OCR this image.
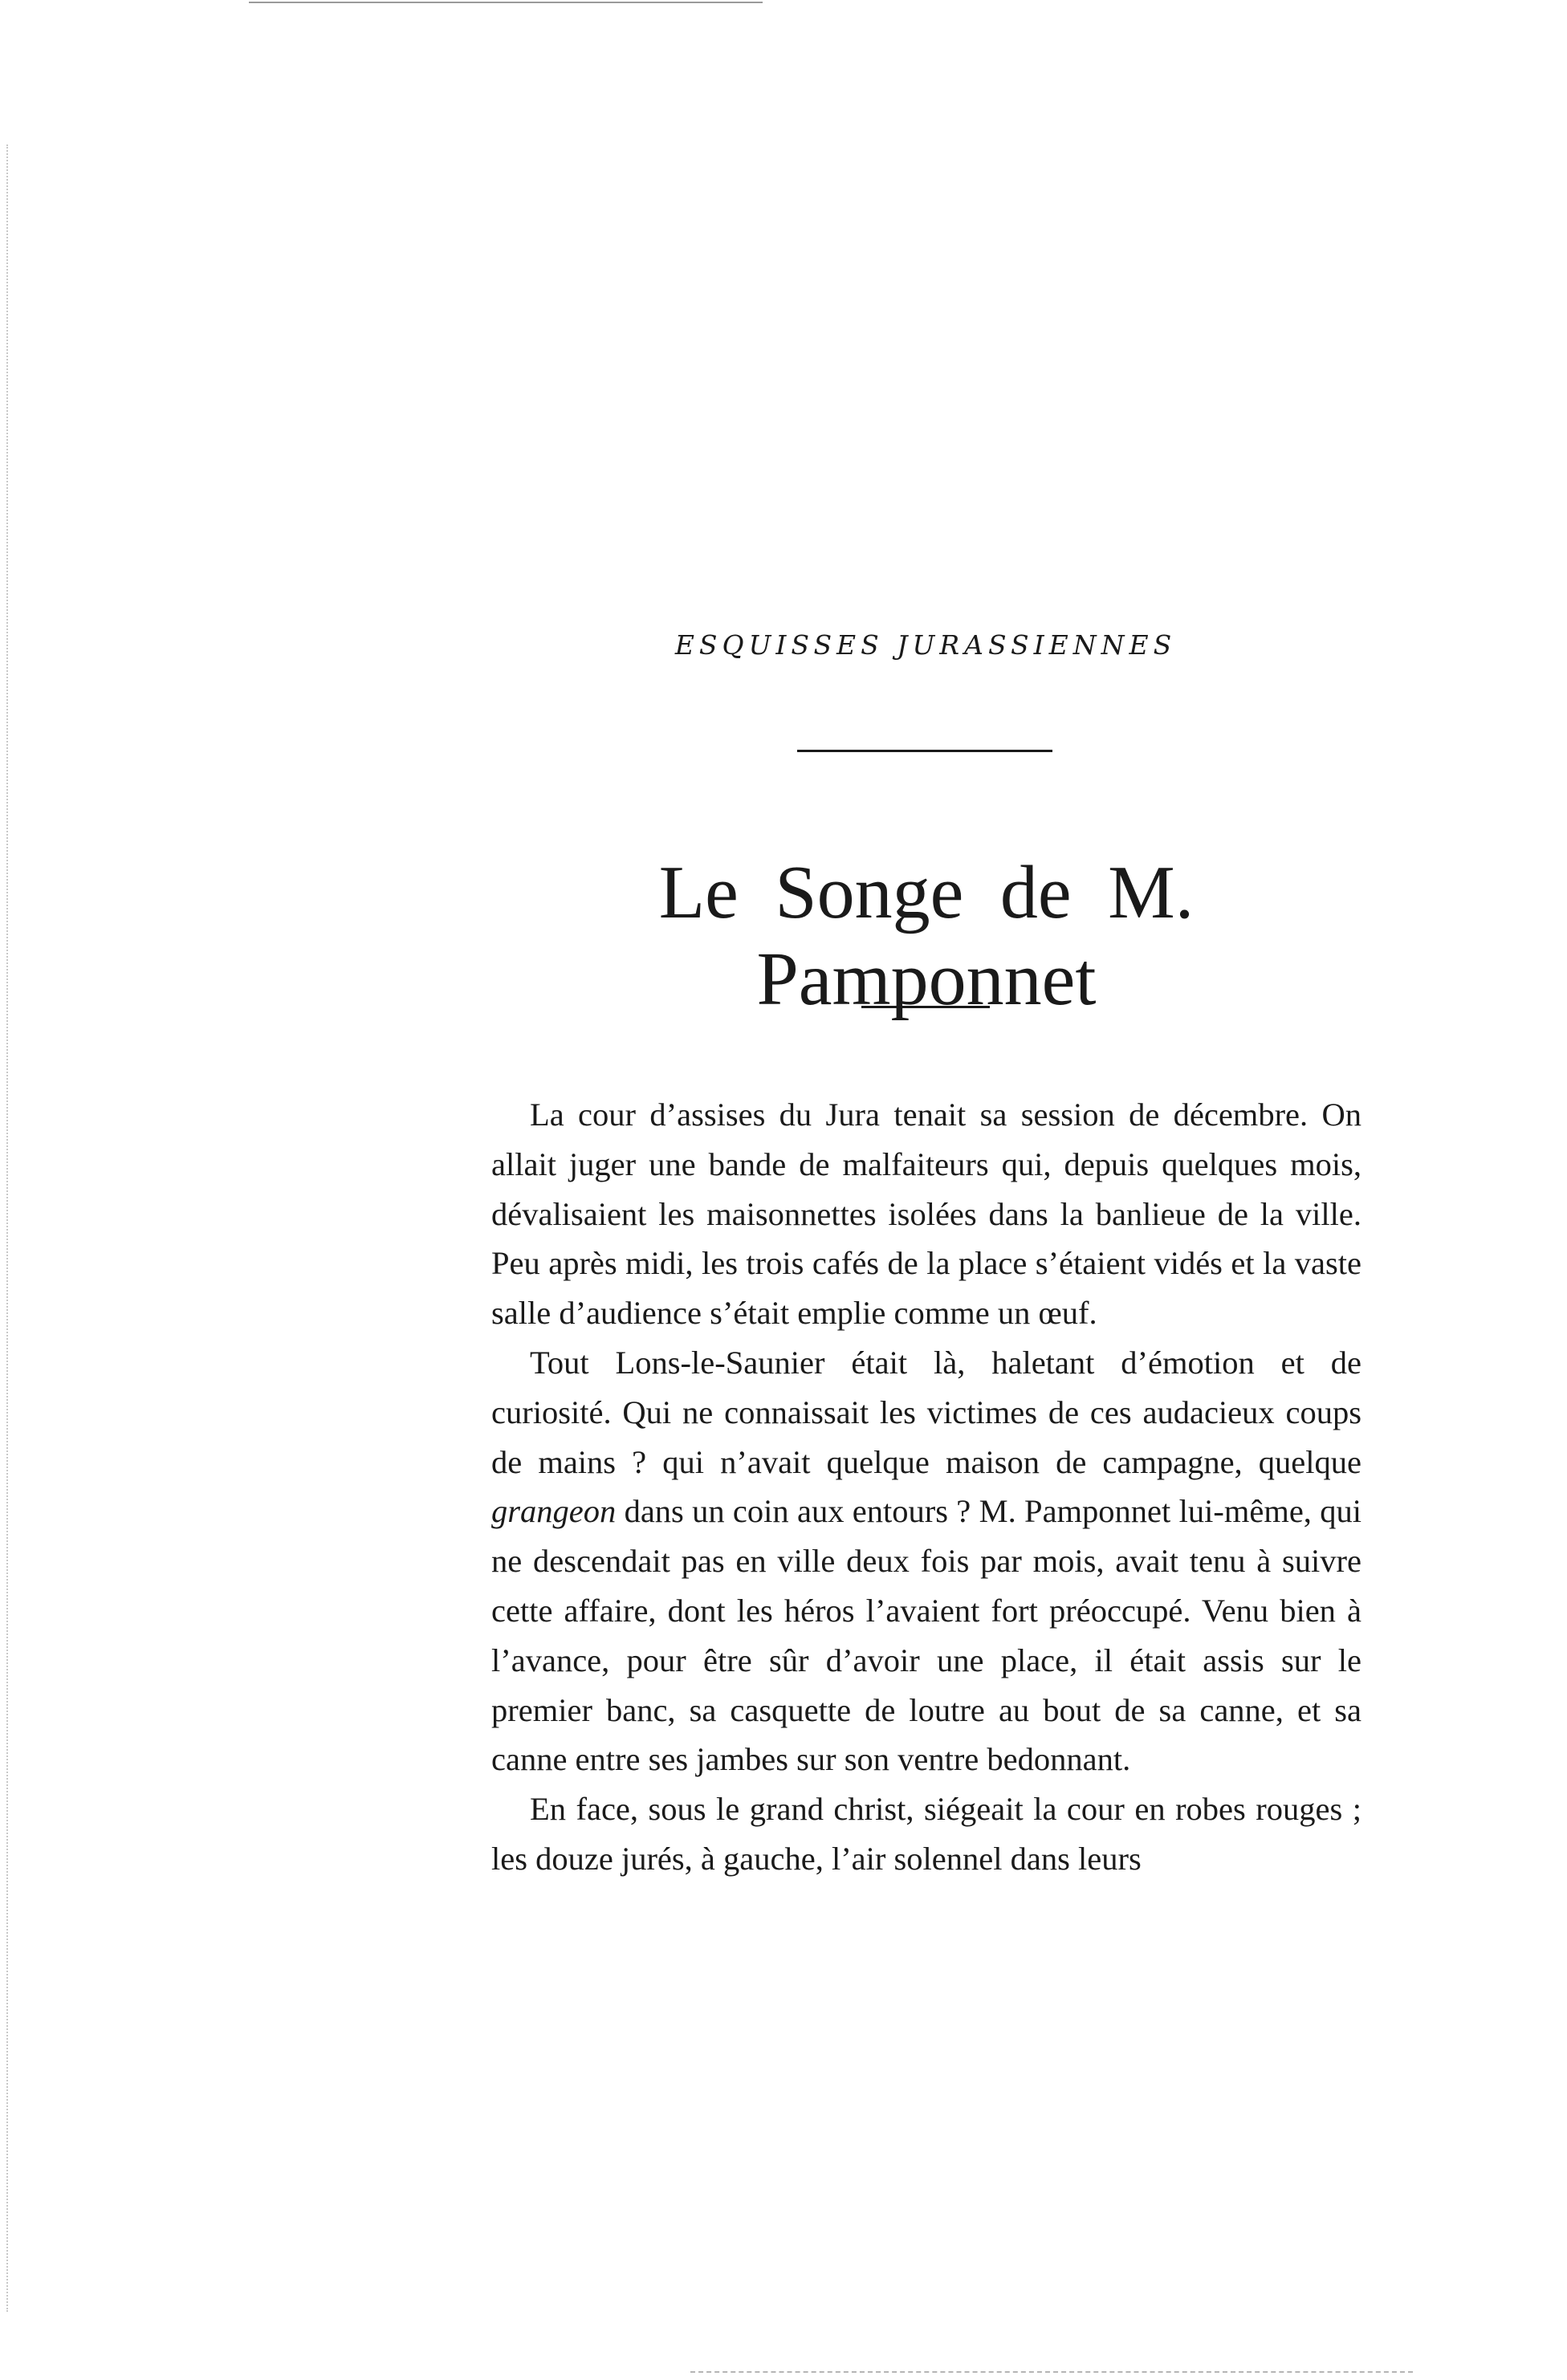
ESQUISSES JURASSIENNES
Le Songe de M. Pamponnet

La cour d’assises du Jura tenait sa session de décembre. On allait juger une bande de malfaiteurs qui, depuis quelques mois, dévalisaient les maisonnettes isolées dans la banlieue de la ville. Peu après midi, les trois cafés de la place s’étaient vidés et la vaste salle d’audience s’était emplie comme un œuf.

Tout Lons-le-Saunier était là, haletant d’émotion et de curiosité. Qui ne connaissait les victimes de ces audacieux coups de mains ? qui n’avait quelque maison de campagne, quelque grangeon dans un coin aux entours ? M. Pamponnet lui-même, qui ne descendait pas en ville deux fois par mois, avait tenu à suivre cette affaire, dont les héros l’avaient fort préoccupé. Venu bien à l’avance, pour être sûr d’avoir une place, il était assis sur le premier banc, sa casquette de loutre au bout de sa canne, et sa canne entre ses jambes sur son ventre bedonnant.

En face, sous le grand christ, siégeait la cour en robes rouges ; les douze jurés, à gauche, l’air solennel dans leurs
